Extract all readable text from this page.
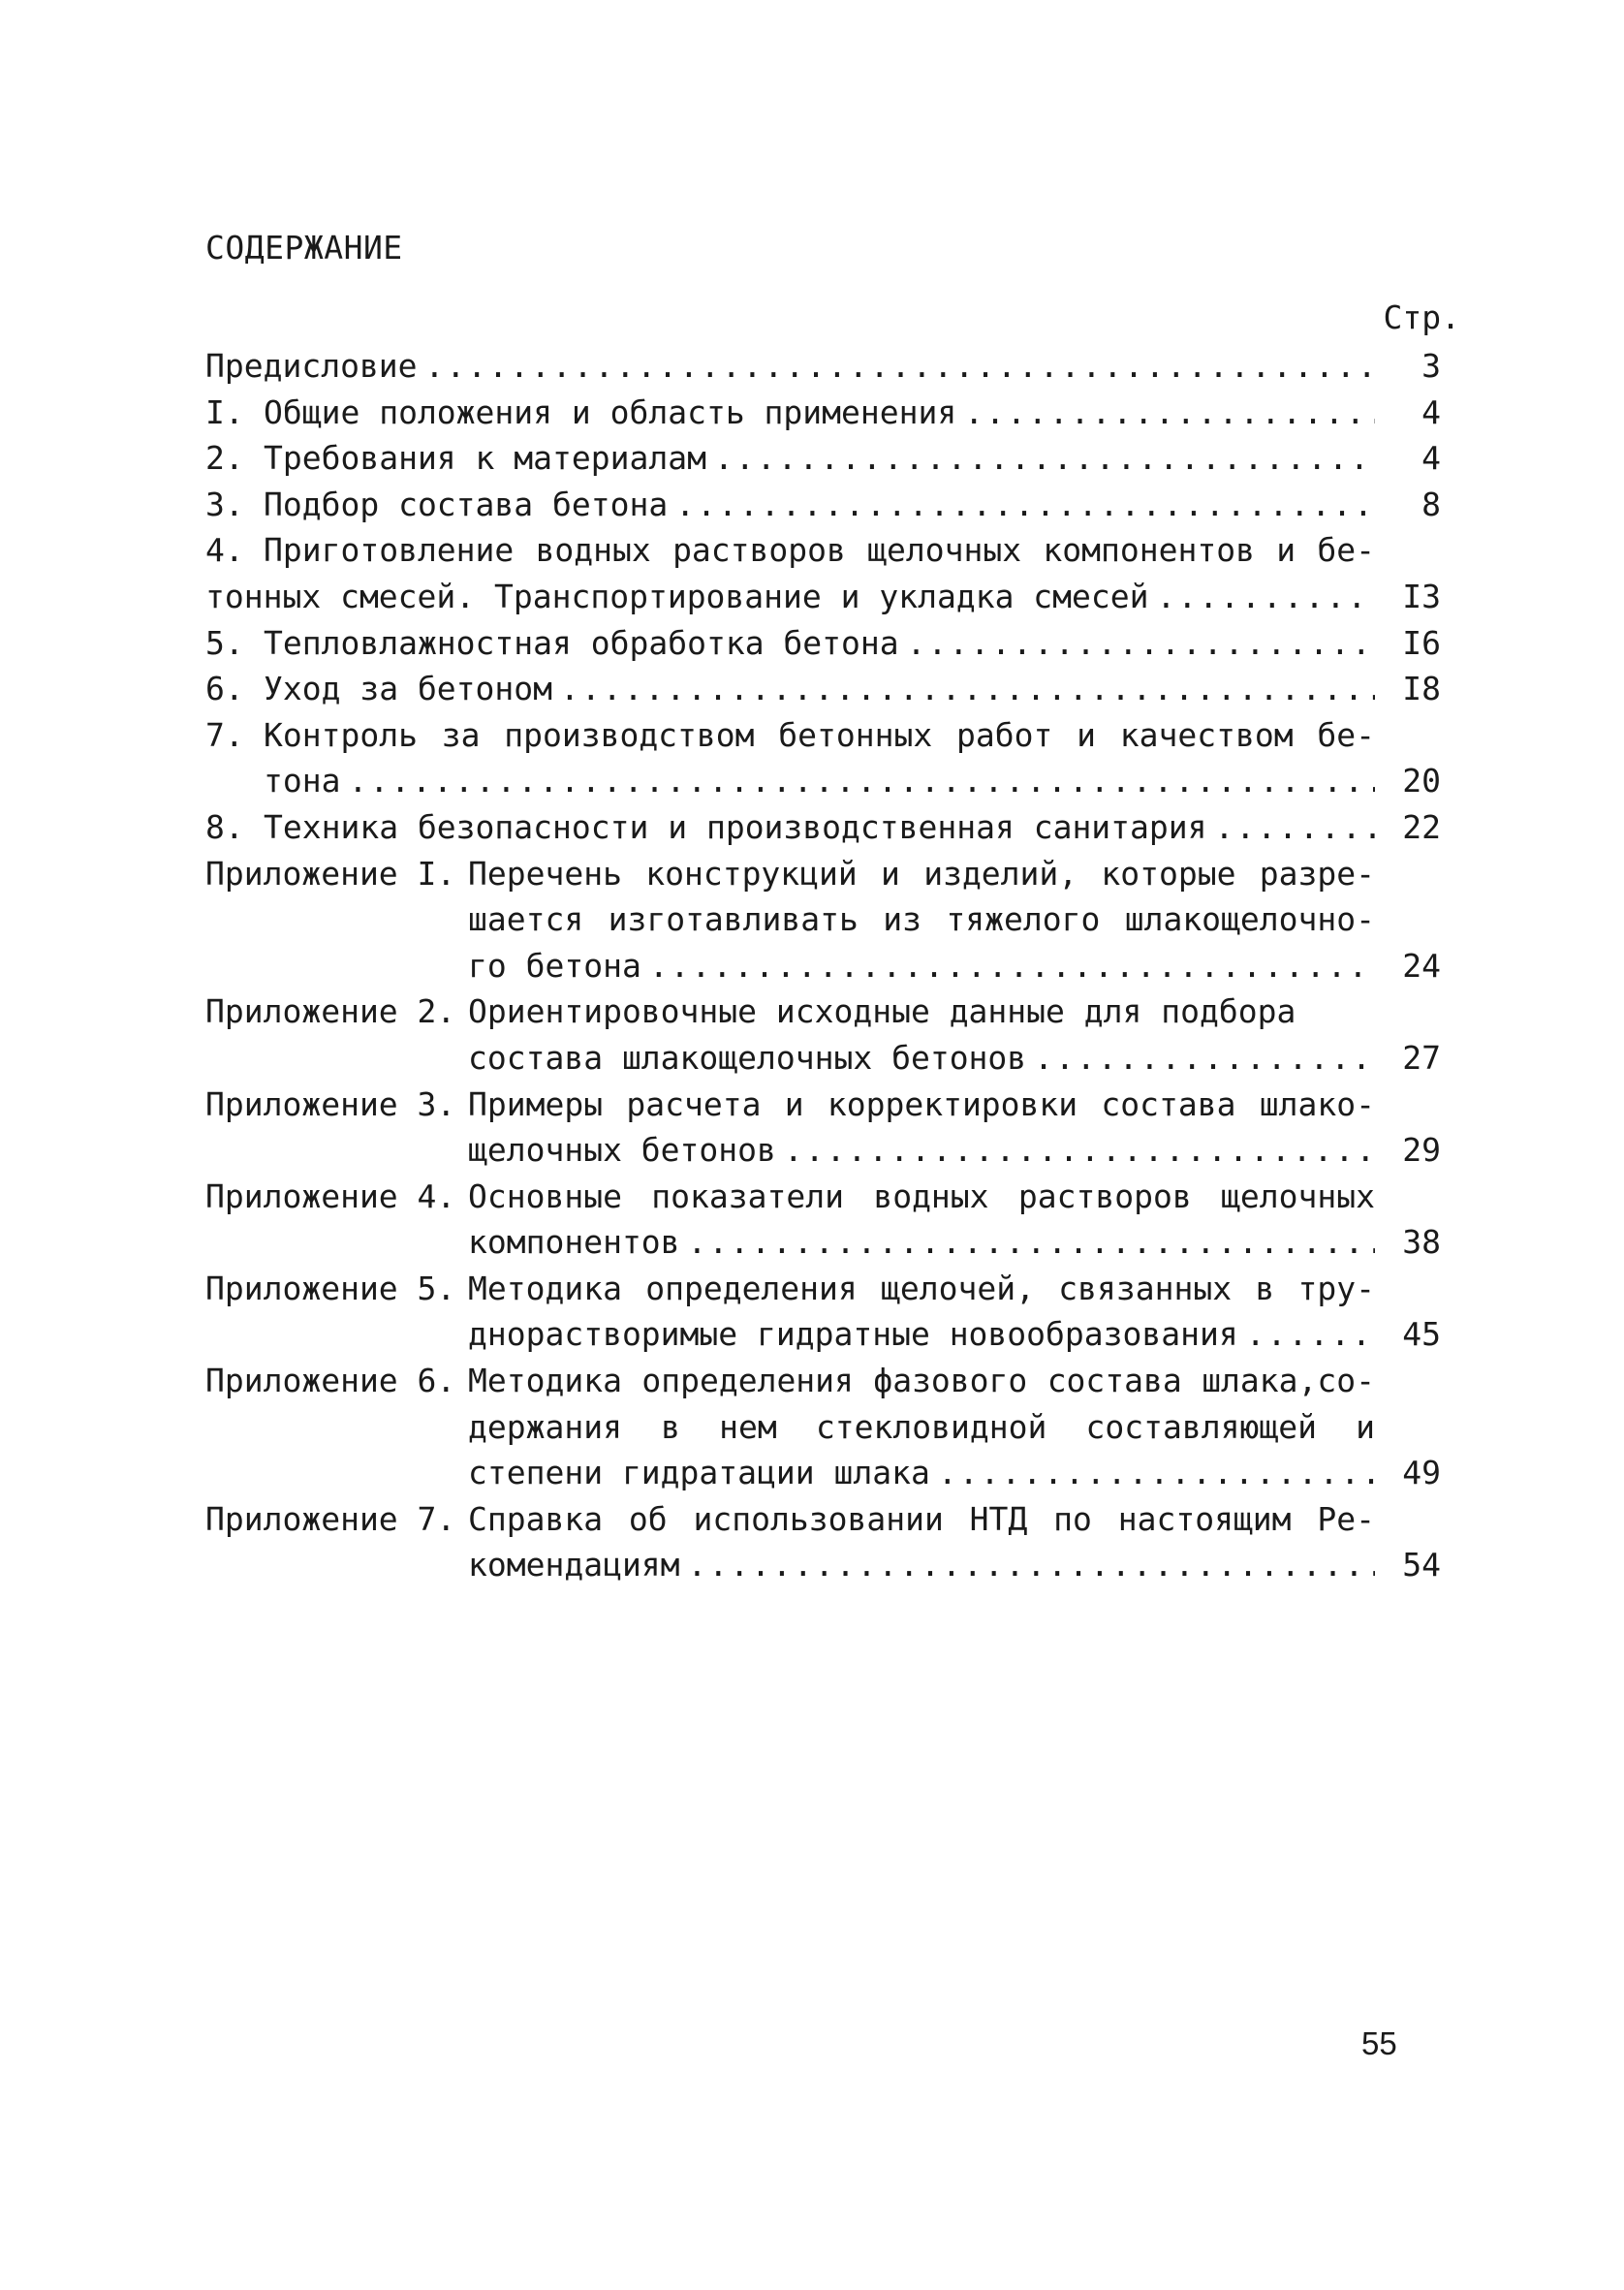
СОДЕРЖАНИЕ
Стр.
Предисловие .....	3
I. Общие положения и область применения .....	4
2. Требования к материалам .....	4
3. Подбор состава бетона .....	8
4. Приготовление водных растворов щелочных компонентов и бе-
тонных смесей. Транспортирование и укладка смесей .....	I3
5. Тепловлажностная обработка бетона .....	I6
6. Уход за бетоном .....	I8
7. Контроль за производством бетонных работ и качеством бе-
тона .....	20
8. Техника безопасности и производственная санитария .....	22
Приложение I. Перечень конструкций и изделий, которые разре-
шается изготавливать из тяжелого шлакощелочно-
го бетона .....	24
Приложение 2. Ориентировочные исходные данные для подбора
состава шлакощелочных бетонов .....	27
Приложение 3. Примеры расчета и корректировки состава шлако-
щелочных бетонов .....	29
Приложение 4. Основные показатели водных растворов щелочных
компонентов .....	38
Приложение 5. Методика определения щелочей, связанных в тру-
днорастворимые гидратные новообразования .....	45
Приложение 6. Методика определения фазового состава шлака,со-
держания в нем стекловидной составляющей и
степени гидратации шлака .....	49
Приложение 7. Справка об использовании НТД по настоящим Ре-
комендациям .....	54
55
